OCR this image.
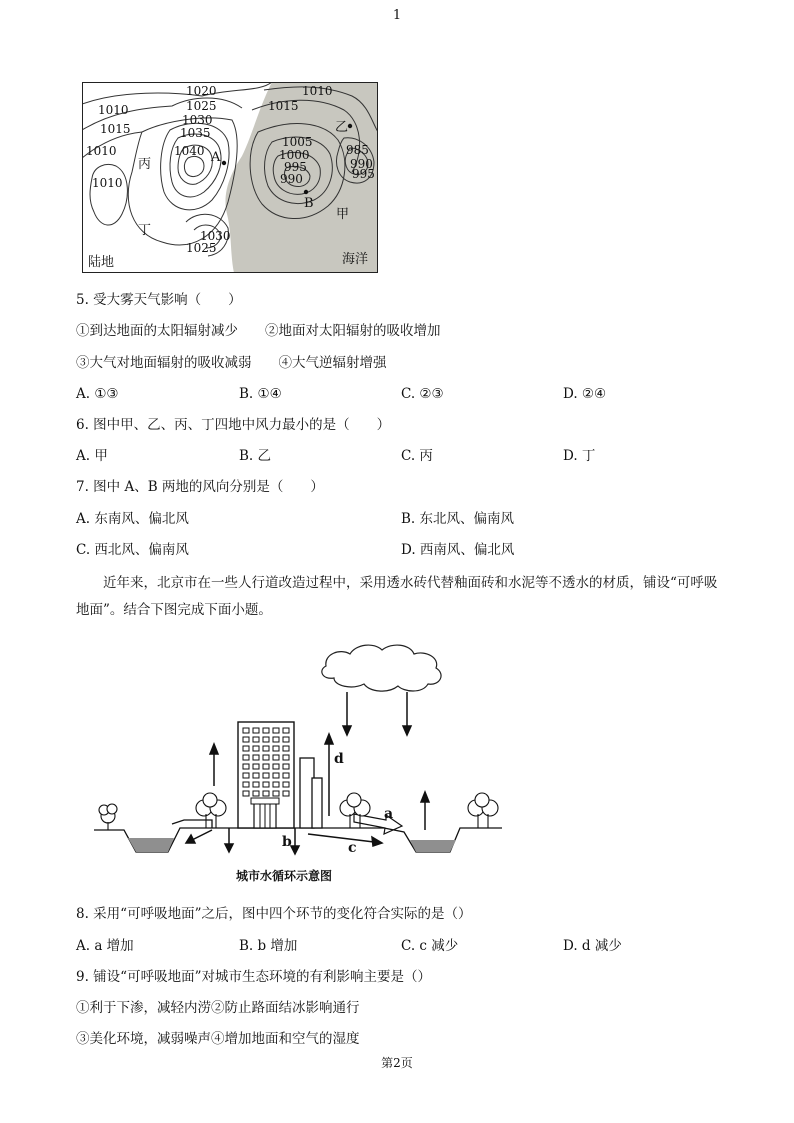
1
1010
1015
1010
1010
1020
1025
1030
1035
1040
1030
1025
1015
1010
1005
1000
995
990
985
990
995
A
B
乙
丙
丁
甲
陆地	海洋
5. 受大雾天气影响（　　）
①到达地面的太阳辐射减少　　②地面对太阳辐射的吸收增加
③大气对地面辐射的吸收减弱　　④大气逆辐射增强
A. ①③	B. ①④	C. ②③	D. ②④
6. 图中甲、乙、丙、丁四地中风力最小的是（　　）
A. 甲	B. 乙	C. 丙	D. 丁
7. 图中 A、B 两地的风向分别是（　　）
A. 东南风、偏北风	B. 东北风、偏南风
C. 西北风、偏南风	D. 西南风、偏北风
近年来，北京市在一些人行道改造过程中，采用透水砖代替釉面砖和水泥等不透水的材质，铺设“可呼吸地面”。结合下图完成下面小题。
d
b
a
c
城市水循环示意图
8. 采用“可呼吸地面”之后，图中四个环节的变化符合实际的是（）
A. a 增加	B. b 增加	C. c 减少	D. d 减少
9. 铺设“可呼吸地面”对城市生态环境的有利影响主要是（）
①利于下渗，减轻内涝②防止路面结冰影响通行
③美化环境，减弱噪声④增加地面和空气的湿度
第2页
